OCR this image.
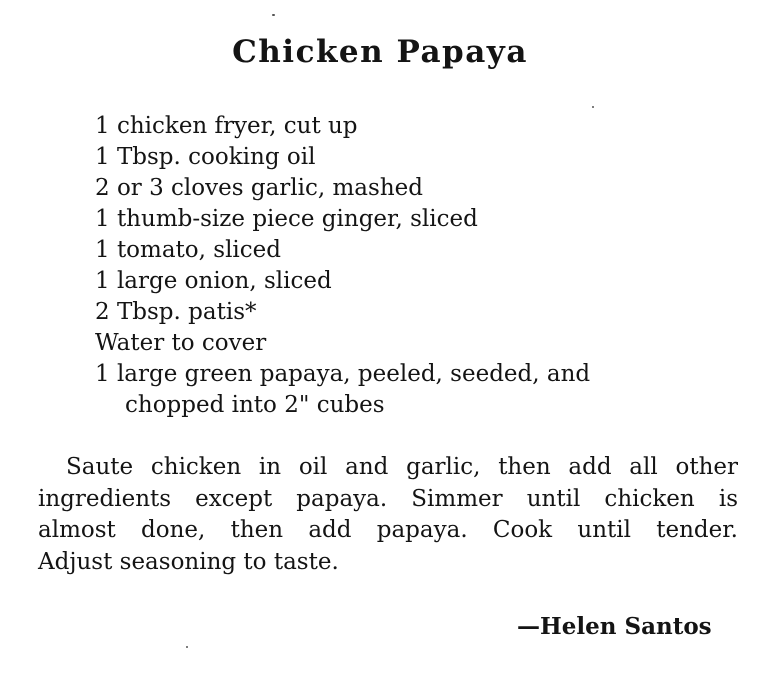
Chicken Papaya
1 chicken fryer, cut up
1 Tbsp. cooking oil
2 or 3 cloves garlic, mashed
1 thumb-size piece ginger, sliced
1 tomato, sliced
1 large onion, sliced
2 Tbsp. patis*
Water to cover
1 large green papaya, peeled, seeded, and
chopped into 2" cubes

Saute chicken in oil and garlic, then add all other
ingredients except papaya. Simmer until chicken is
almost done, then add papaya. Cook until tender.
Adjust seasoning to taste.

—Helen Santos
